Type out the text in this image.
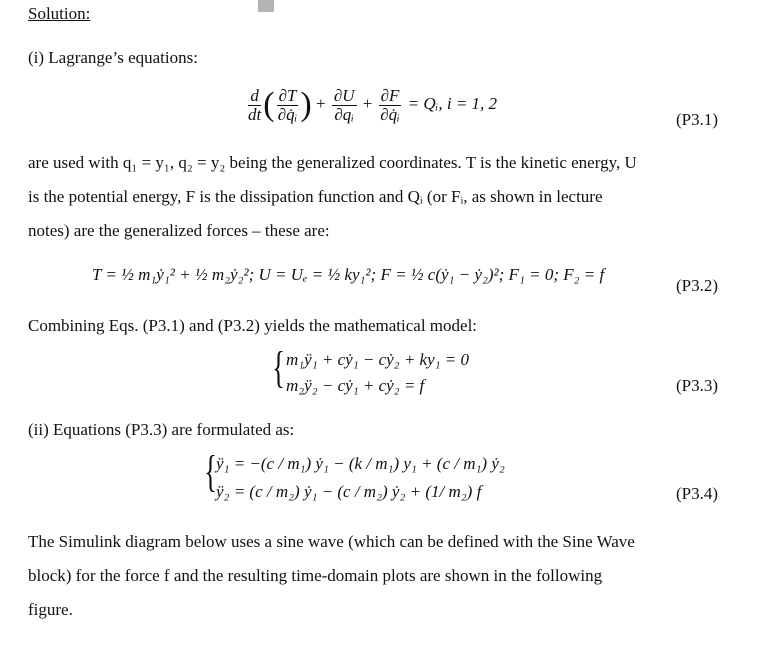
Solution:
(i) Lagrange’s equations:
$\frac{d}{dt}$ ( $\frac{\partial T}{\text{∂q̇ᵢ}}$ ) + $\frac{\partial U}{\text{∂qᵢ}} + \frac{\partial F}{\text{∂q̇ᵢ}}$ = Qᵢ, i = 1, 2
(P3.1)
are used with q₁ = y₁, q₂ = y₂ being the generalized coordinates. T is the kinetic energy, U
is the potential energy, F is the dissipation function and Qᵢ (or Fᵢ, as shown in lecture
notes) are the generalized forces – these are:
T = ½ m₁ẏ₁² + ½ m₂ẏ₂²; U = Uₑ = ½ ky₁²; F = ½ c(ẏ₁ − ẏ₂)²; F₁ = 0; F₂ = f
(P3.2)
Combining Eqs. (P3.1) and (P3.2) yields the mathematical model:
{ m₁ÿ₁ + cẏ₁ − cẏ₂ + ky₁ = 0
m₂ÿ₂ − cẏ₁ + cẏ₂ = f	(P3.3)
(ii) Equations (P3.3) are formulated as:
{ ÿ₁ = −(c / m₁) ẏ₁ − (k / m₁) y₁ + (c / m₁) ẏ₂
ÿ₂ = (c / m₂) ẏ₁ − (c / m₂) ẏ₂ + (1/ m₂) f	(P3.4)
The Simulink diagram below uses a sine wave (which can be defined with the Sine Wave
block) for the force f and the resulting time-domain plots are shown in the following
figure.
